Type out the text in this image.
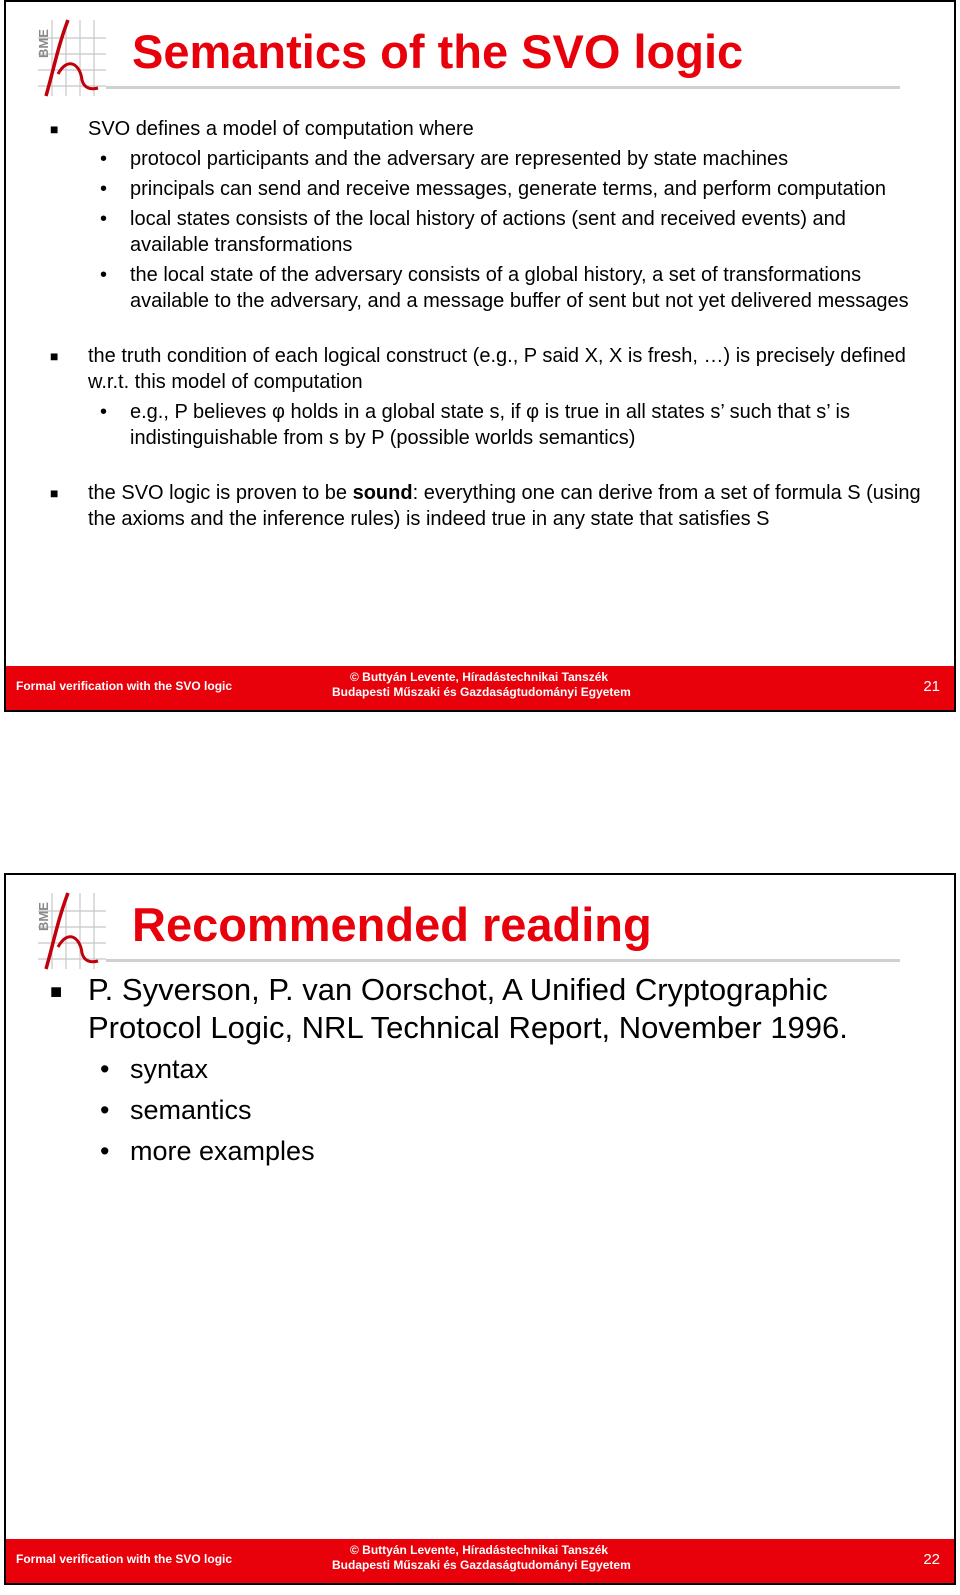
BME Semantics of the SVO logic
■ SVO defines a model of computation where
• protocol participants and the adversary are represented by state machines
• principals can send and receive messages, generate terms, and perform computation
• local states consists of the local history of actions (sent and received events) and available transformations
• the local state of the adversary consists of a global history, a set of transformations available to the adversary, and a message buffer of sent but not yet delivered messages
■ the truth condition of each logical construct (e.g., P said X, X is fresh, …) is precisely defined w.r.t. this model of computation
• e.g., P believes φ holds in a global state s, if φ is true in all states s’ such that s’ is indistinguishable from s by P (possible worlds semantics)
■ the SVO logic is proven to be sound: everything one can derive from a set of formula S (using the axioms and the inference rules) is indeed true in any state that satisfies S
Formal verification with the SVO logic
© Buttyán Levente, Híradástechnikai Tanszék
Budapesti Műszaki és Gazdaságtudományi Egyetem	21
BME Recommended reading
■ P. Syverson, P. van Oorschot, A Unified Cryptographic Protocol Logic, NRL Technical Report, November 1996.
• syntax
• semantics
• more examples
Formal verification with the SVO logic
© Buttyán Levente, Híradástechnikai Tanszék
Budapesti Műszaki és Gazdaságtudományi Egyetem	22
